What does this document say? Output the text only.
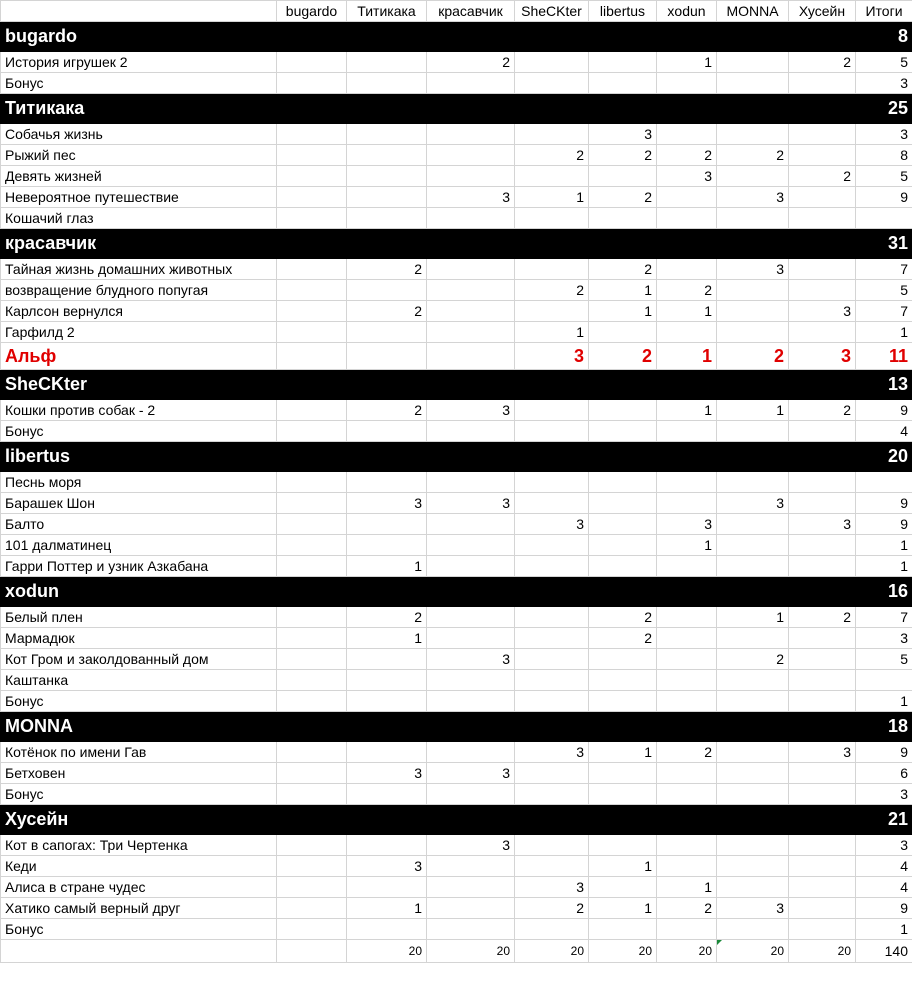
	bugardo	Титикака	красавчик	SheCKter	libertus	xodun	MONNA	Хусейн	Итоги
bugardo									8
История игрушек 2			2			1		2	5
Бонус									3
Титикака									25
Собачья жизнь					3				3
Рыжий пес				2	2	2	2		8
Девять жизней						3		2	5
Невероятное путешествие			3	1	2		3		9
Кошачий глаз									
красавчик									31
Тайная жизнь домашних животных		2			2		3		7
возвращение блудного попугая				2	1	2			5
Карлсон вернулся		2			1	1		3	7
Гарфилд 2				1					1
Альф				3	2	1	2	3	11
SheCKter									13
Кошки против собак - 2		2	3			1	1	2	9
Бонус									4
libertus									20
Песнь моря									
Барашек Шон		3	3				3		9
Балто				3		3		3	9
101 далматинец						1			1
Гарри Поттер и узник Азкабана		1							1
xodun									16
Белый плен		2			2		1	2	7
Мармадюк		1			2				3
Кот Гром и заколдованный дом			3				2		5
Каштанка									
Бонус									1
MONNA									18
Котёнок по имени Гав				3	1	2		3	9
Бетховен		3	3						6
Бонус									3
Хусейн									21
Кот в сапогах: Три Чертенка			3						3
Кеди		3			1				4
Алиса в стране чудес				3		1			4
Хатико самый верный друг		1		2	1	2	3		9
Бонус									1
		20	20	20	20	20	20	20	140
